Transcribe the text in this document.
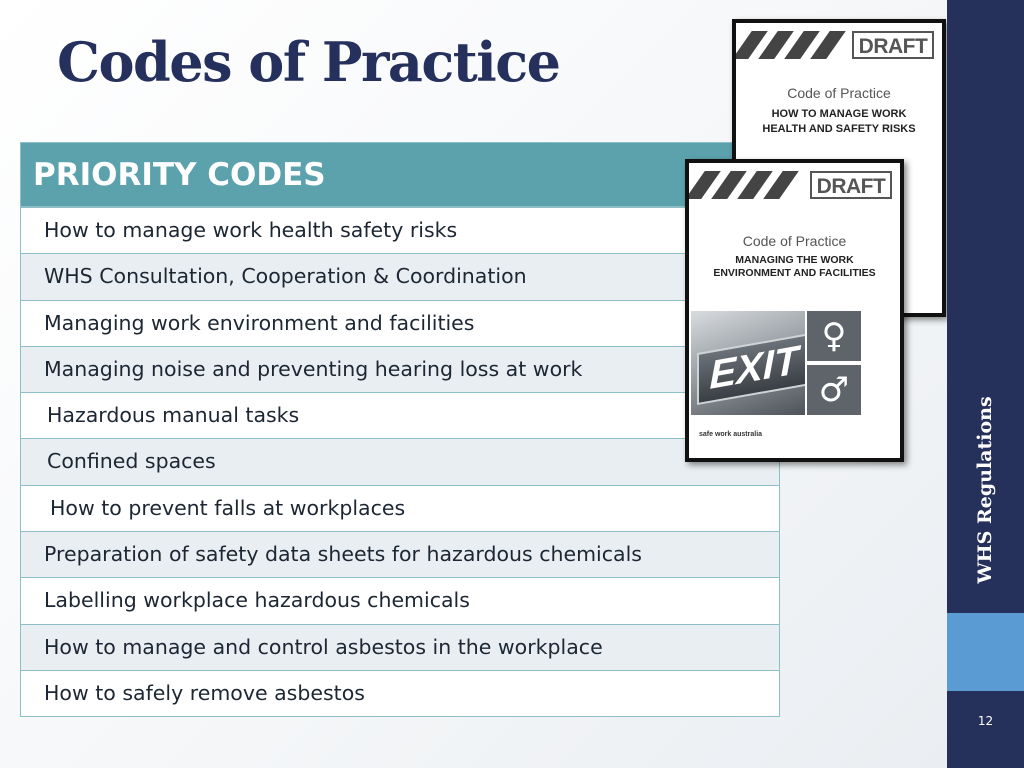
Codes of Practice
PRIORITY CODES
How to manage work health safety risks
WHS Consultation, Cooperation & Coordination
Managing work environment and facilities
Managing noise and preventing hearing loss at work
Hazardous manual tasks
Confined spaces
How to prevent falls at workplaces
Preparation of safety data sheets for hazardous chemicals
Labelling workplace hazardous chemicals
How to manage and control asbestos in the workplace
How to safely remove asbestos
DRAFT
Code of Practice
HOW TO MANAGE WORK
HEALTH AND SAFETY RISKS
DRAFT
Code of Practice
MANAGING THE WORK
ENVIRONMENT AND FACILITIES
EXIT
♀
♂
safe work australia	WHS Regulations
12
